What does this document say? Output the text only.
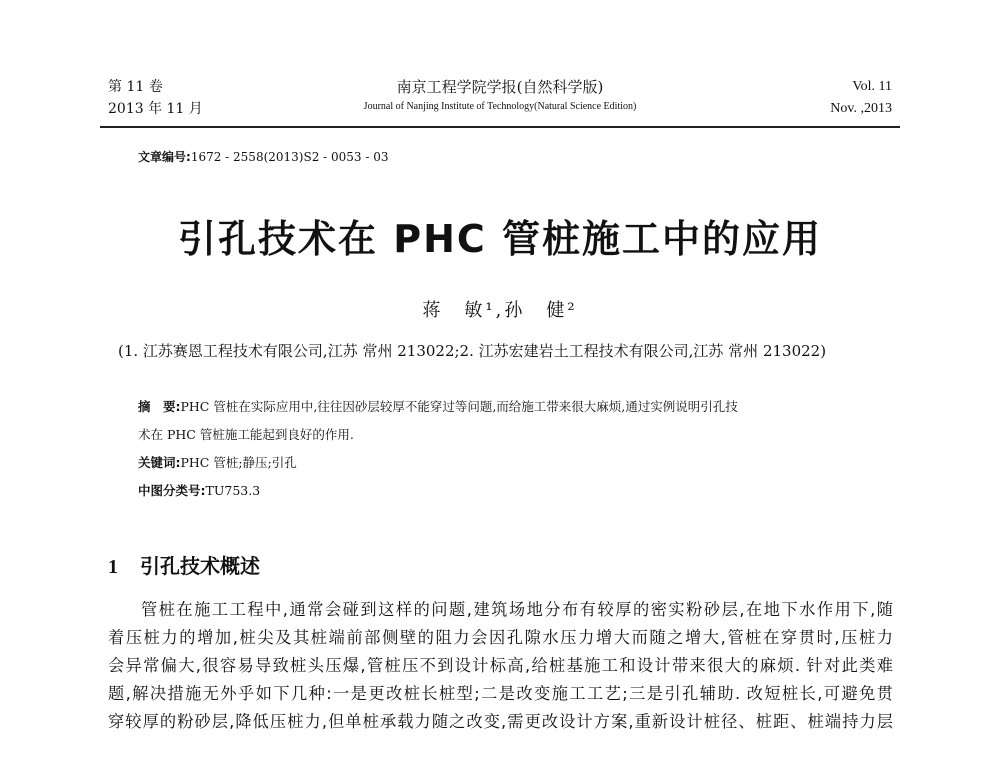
第 11 卷
2013 年 11 月
南京工程学院学报(自然科学版)
Journal of Nanjing Institute of Technology(Natural Science Edition)
Vol. 11
Nov. ,2013
文章编号:1672 - 2558(2013)S2 - 0053 - 03
引孔技术在 PHC 管桩施工中的应用
蒋　敏¹,孙　健²
(1. 江苏赛恩工程技术有限公司,江苏 常州 213022;2. 江苏宏建岩土工程技术有限公司,江苏 常州 213022)
摘　要:PHC 管桩在实际应用中,往往因砂层较厚不能穿过等问题,而给施工带来很大麻烦,通过实例说明引孔技
术在 PHC 管桩施工能起到良好的作用.
关键词:PHC 管桩;静压;引孔
中图分类号:TU753.3
1 引孔技术概述
管桩在施工工程中,通常会碰到这样的问题,建筑场地分布有较厚的密实粉砂层,在地下水作用下,随
着压桩力的增加,桩尖及其桩端前部侧壁的阻力会因孔隙水压力增大而随之增大,管桩在穿贯时,压桩力
会异常偏大,很容易导致桩头压爆,管桩压不到设计标高,给桩基施工和设计带来很大的麻烦. 针对此类难
题,解决措施无外乎如下几种:一是更改桩长桩型;二是改变施工工艺;三是引孔辅助. 改短桩长,可避免贯
穿较厚的粉砂层,降低压桩力,但单桩承载力随之改变,需更改设计方案,重新设计桩径、桩距、桩端持力层
